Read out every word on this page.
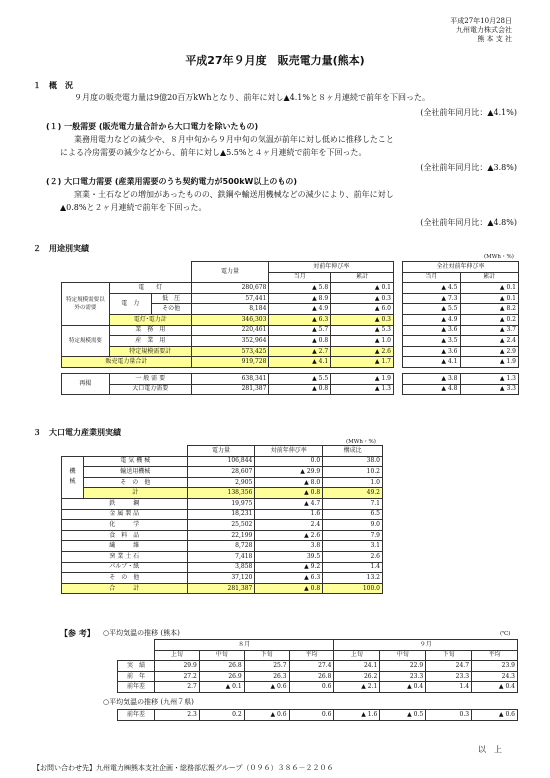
平成27年10月28日
九州電力株式会社
熊 本 支 社
平成27年９月度　販売電力量(熊本)
１　概　況
９月度の販売電力量は9億20百万kWhとなり、前年に対し▲4.1%と８ヶ月連続で前年を下回った。
(全社前年同月比：▲4.1%)
(１) 一般需要 (販売電力量合計から大口電力を除いたもの)
業務用電力などの減少や、８月中旬から９月中旬の気温が前年に対し低めに推移したこと
による冷房需要の減少などから、前年に対し▲5.5%と４ヶ月連続で前年を下回った。
(全社前年同月比：▲3.8%)
(２) 大口電力需要 (産業用需要のうち契約電力が500kW以上のもの)
窯業・土石などの増加があったものの、鉄鋼や輸送用機械などの減少により、前年に対し
▲0.8%と２ヶ月連続で前年を下回った。
(全社前年同月比：▲4.8%)
２　用途別実績
(MWh・%)
			電力量	対前年伸び率	
				当月	累計
特定規模需要以外の需要	電　　灯		280,678	▲ 5.8	▲ 0.1
	電　力	低　圧	57,441	▲ 8.9	▲ 0.3
		その他	8,184	▲ 4.9	▲ 6.0
	電灯･電力計		346,303	▲ 6.3	▲ 0.3
特定規模需要	業　務　用		220,461	▲ 5.7	▲ 5.3
	産　業　用		352,964	▲ 0.8	▲ 1.0
	特定規模需要計		573,425	▲ 2.7	▲ 2.6
販売電力量合計			919,728	▲ 4.1	▲ 1.7

再掲	一 般 需 要		638,341	▲ 5.5	▲ 1.9
	大口電力需要		281,387	▲ 0.8	▲ 1.3
全社対前年伸び率	
当月	累計
▲ 4.5	▲ 0.1
▲ 7.3	▲ 0.1
▲ 5.5	▲ 8.2
▲ 4.9	▲ 0.2
▲ 3.6	▲ 3.7
▲ 3.5	▲ 2.4
▲ 3.6	▲ 2.9
▲ 4.1	▲ 1.9

▲ 3.8	▲ 1.3
▲ 4.8	▲ 3.3
３　大口電力産業別実績
(MWh・%)
		電力量	対前年伸び率	構成比
機　械	電 気 機 械	106,844	0.0	38.0
	輸送用機械	28,607	▲ 29.9	10.2
	そ　の　他	2,905	▲ 8.0	1.0
	計	138,356	▲ 0.8	49.2
鉄　　　鋼		19,975	▲ 4.7	7.1
金 属 製 品		18,231	1.6	6.5
化　　　学		25,502	2.4	9.0
食　料　品		22,199	▲ 2.6	7.9
繊　　　維		8,728	3.8	3.1
窯 業 土 石		7,418	39.5	2.6
パルプ・紙		3,858	▲ 9.2	1.4
そ　の　他		37,120	▲ 6.3	13.2
合　　　計		281,387	▲ 0.8	100.0
【参 考】 ○平均気温の推移 (熊本)	(℃)
	８月				９月			
	上旬	中旬	下旬	平均	上旬	中旬	下旬	平均
実　績	29.9	26.8	25.7	27.4	24.1	22.9	24.7	23.9
前　年	27.2	26.9	26.3	26.8	26.2	23.3	23.3	24.3
前年差	2.7	▲ 0.1	▲ 0.6	0.6	▲ 2.1	▲ 0.4	1.4	▲ 0.4
○平均気温の推移 (九州７県)
前年差	2.3	0.2	▲ 0.6	0.6	▲ 1.6	▲ 0.5	0.3	▲ 0.6
以　上
【お問い合わせ先】九州電力㈱熊本支社企画・総務部広報グループ（０９６）３８６－２２０６
